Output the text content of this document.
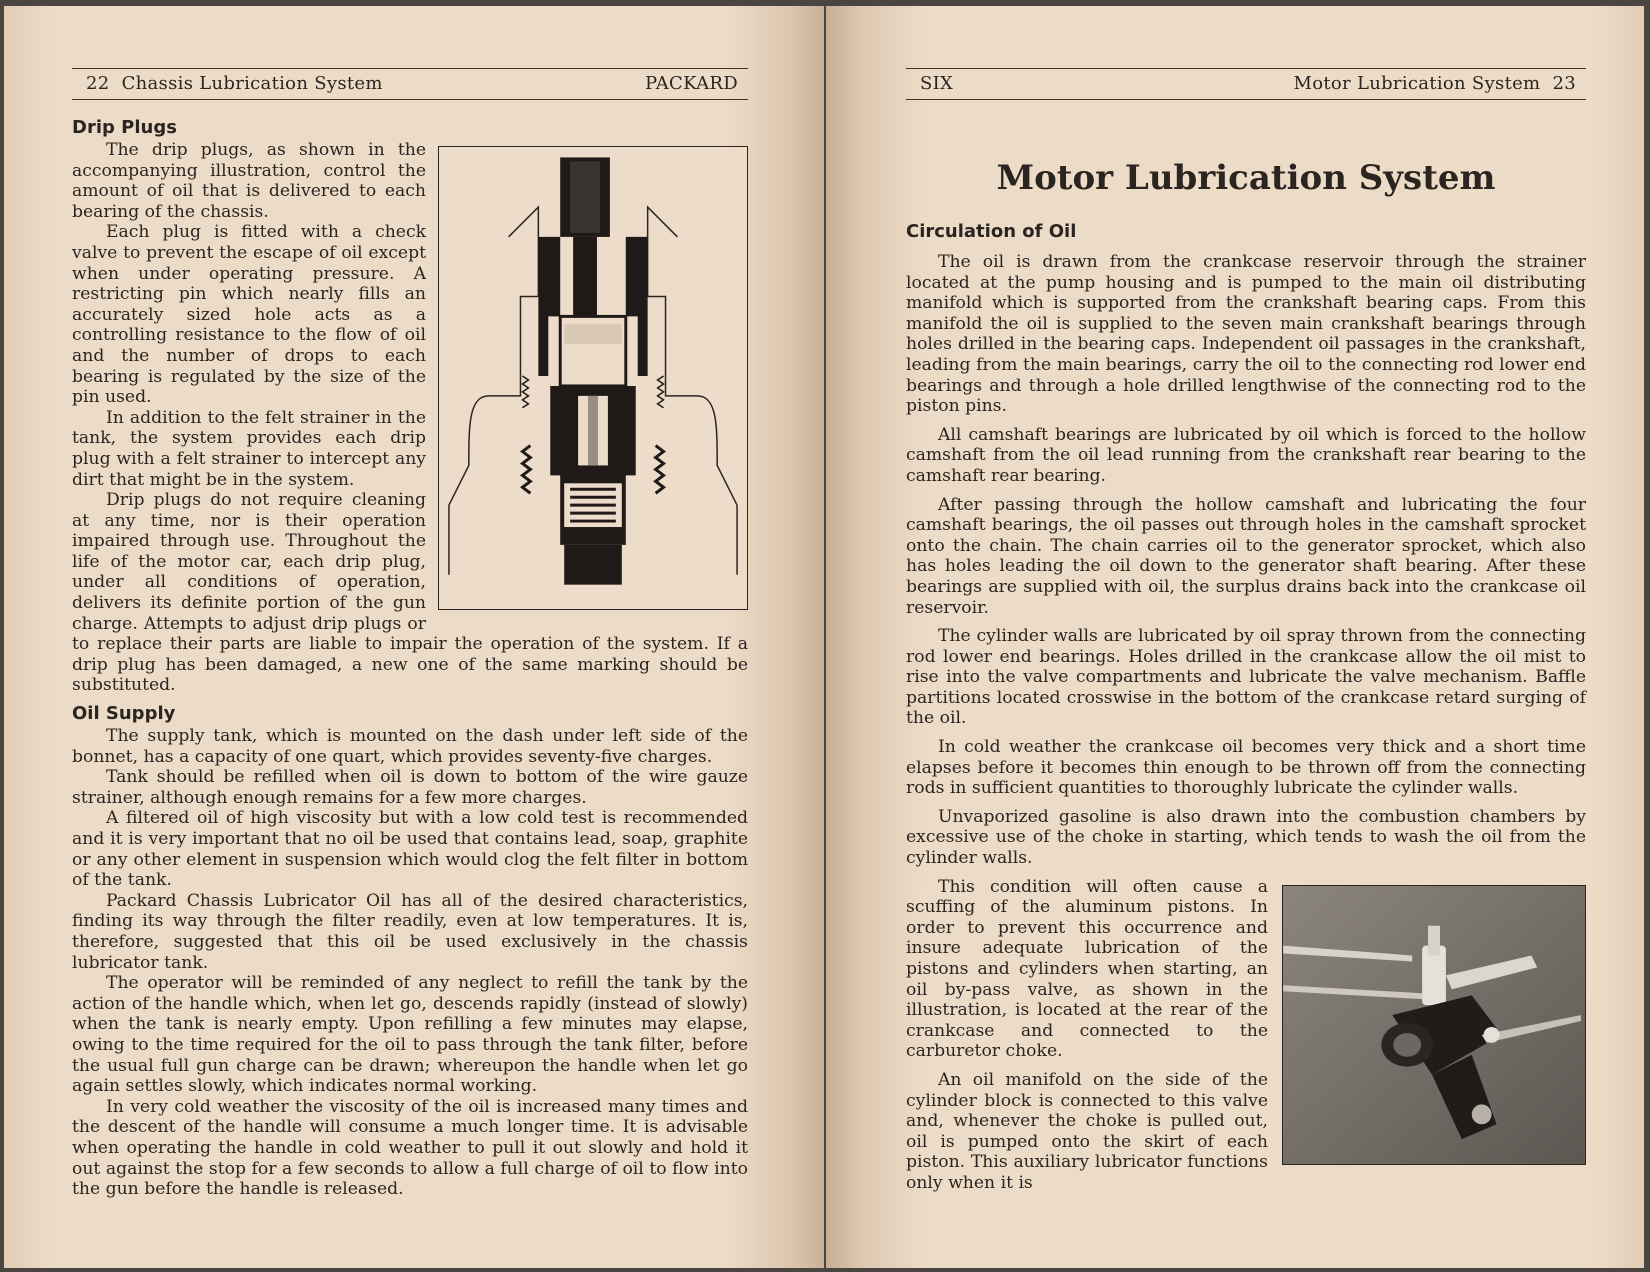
22 Chassis Lubrication System	PACKARD
Drip Plugs

The drip plugs, as shown in the accompanying illustration, control the amount of oil that is delivered to each bearing of the chassis.

Each plug is fitted with a check valve to prevent the escape of oil except when under operating pressure. A restricting pin which nearly fills an accurately sized hole acts as a controlling resistance to the flow of oil and the number of drops to each bearing is regulated by the size of the pin used.

In addition to the felt strainer in the tank, the system provides each drip plug with a felt strainer to intercept any dirt that might be in the system.

Drip plugs do not require cleaning at any time, nor is their operation impaired through use. Throughout the life of the motor car, each drip plug, under all conditions of operation, delivers its definite portion of the gun charge. Attempts to adjust drip plugs or to replace their parts are liable to impair the operation of the system. If a drip plug has been damaged, a new one of the same marking should be substituted.

Oil Supply

The supply tank, which is mounted on the dash under left side of the bonnet, has a capacity of one quart, which provides seventy-five charges.

Tank should be refilled when oil is down to bottom of the wire gauze strainer, although enough remains for a few more charges.

A filtered oil of high viscosity but with a low cold test is recommended and it is very important that no oil be used that contains lead, soap, graphite or any other element in suspension which would clog the felt filter in bottom of the tank.

Packard Chassis Lubricator Oil has all of the desired characteristics, finding its way through the filter readily, even at low temperatures. It is, therefore, suggested that this oil be used exclusively in the chassis lubricator tank.

The operator will be reminded of any neglect to refill the tank by the action of the handle which, when let go, descends rapidly (instead of slowly) when the tank is nearly empty. Upon refilling a few minutes may elapse, owing to the time required for the oil to pass through the tank filter, before the usual full gun charge can be drawn; whereupon the handle when let go again settles slowly, which indicates normal working.

In very cold weather the viscosity of the oil is increased many times and the descent of the handle will consume a much longer time. It is advisable when operating the handle in cold weather to pull it out slowly and hold it out against the stop for a few seconds to allow a full charge of oil to flow into the gun before the handle is released.

SIX	Motor Lubrication System 23
Motor Lubrication System
Circulation of Oil

The oil is drawn from the crankcase reservoir through the strainer located at the pump housing and is pumped to the main oil distributing manifold which is supported from the crankshaft bearing caps. From this manifold the oil is supplied to the seven main crankshaft bearings through holes drilled in the bearing caps. Independent oil passages in the crankshaft, leading from the main bearings, carry the oil to the connecting rod lower end bearings and through a hole drilled lengthwise of the connecting rod to the piston pins.

All camshaft bearings are lubricated by oil which is forced to the hollow camshaft from the oil lead running from the crankshaft rear bearing to the camshaft rear bearing.

After passing through the hollow camshaft and lubricating the four camshaft bearings, the oil passes out through holes in the camshaft sprocket onto the chain. The chain carries oil to the generator sprocket, which also has holes leading the oil down to the generator shaft bearing. After these bearings are supplied with oil, the surplus drains back into the crankcase oil reservoir.

The cylinder walls are lubricated by oil spray thrown from the connecting rod lower end bearings. Holes drilled in the crankcase allow the oil mist to rise into the valve compartments and lubricate the valve mechanism. Baffle partitions located crosswise in the bottom of the crankcase retard surging of the oil.

In cold weather the crankcase oil becomes very thick and a short time elapses before it becomes thin enough to be thrown off from the connecting rods in sufficient quantities to thoroughly lubricate the cylinder walls.

Unvaporized gasoline is also drawn into the combustion chambers by excessive use of the choke in starting, which tends to wash the oil from the cylinder walls.

This condition will often cause a scuffing of the aluminum pistons. In order to prevent this occurrence and insure adequate lubrication of the pistons and cylinders when starting, an oil by-pass valve, as shown in the illustration, is located at the rear of the crankcase and connected to the carburetor choke.

An oil manifold on the side of the cylinder block is connected to this valve and, whenever the choke is pulled out, oil is pumped onto the skirt of each piston. This auxiliary lubricator functions only when it is
